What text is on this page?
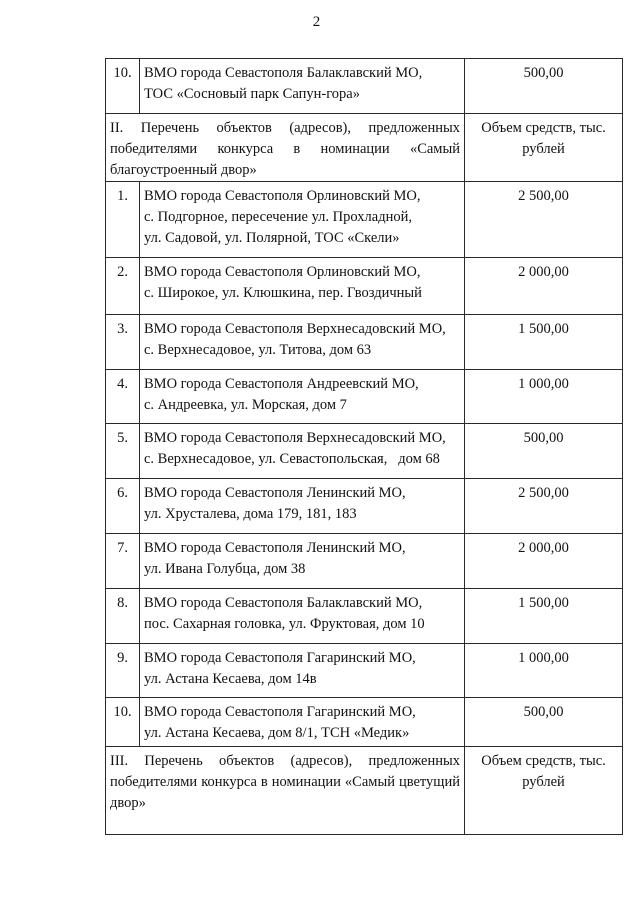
2
10.	ВМО города Севастополя Балаклавский МО,
ТОС «Сосновый парк Сапун-гора»	500,00
II. Перечень объектов (адресов), предложенных победителями конкурса в номинации «Самый благоустроенный двор»		Объем средств, тыс. рублей
1.	ВМО города Севастополя Орлиновский МО,
с. Подгорное, пересечение ул. Прохладной,
ул. Садовой, ул. Полярной, ТОС «Скели»	2 500,00
2.	ВМО города Севастополя Орлиновский МО,
с. Широкое, ул. Клюшкина, пер. Гвоздичный	2 000,00
3.	ВМО города Севастополя Верхнесадовский МО,
с. Верхнесадовое, ул. Титова, дом 63	1 500,00
4.	ВМО города Севастополя Андреевский МО,
с. Андреевка, ул. Морская, дом 7	1 000,00
5.	ВМО города Севастополя Верхнесадовский МО,
с. Верхнесадовое, ул. Севастопольская,   дом 68	500,00
6.	ВМО города Севастополя Ленинский МО,
ул. Хрусталева, дома 179, 181, 183	2 500,00
7.	ВМО города Севастополя Ленинский МО,
ул. Ивана Голубца, дом 38	2 000,00
8.	ВМО города Севастополя Балаклавский МО,
пос. Сахарная головка, ул. Фруктовая, дом 10	1 500,00
9.	ВМО города Севастополя Гагаринский МО,
ул. Астана Кесаева, дом 14в	1 000,00
10.	ВМО города Севастополя Гагаринский МО,
ул. Астана Кесаева, дом 8/1, ТСН «Медик»	500,00
III. Перечень объектов (адресов), предложенных победителями конкурса в номинации «Самый цветущий двор»		Объем средств, тыс. рублей
